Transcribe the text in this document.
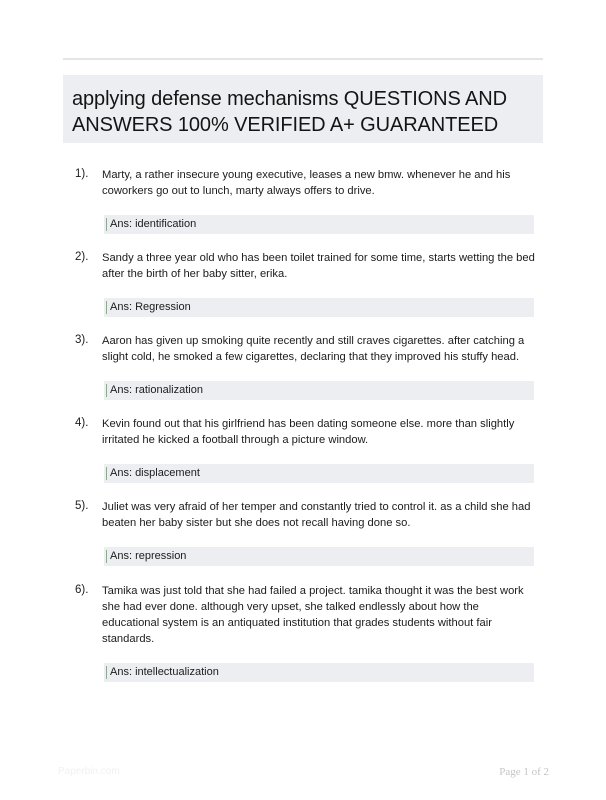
applying defense mechanisms QUESTIONS AND ANSWERS 100% VERIFIED A+ GUARANTEED
1). Marty, a rather insecure young executive, leases a new bmw. whenever he and his coworkers go out to lunch, marty always offers to drive.
Ans: identification
2). Sandy a three year old who has been toilet trained for some time, starts wetting the bed after the birth of her baby sitter, erika.
Ans: Regression
3). Aaron has given up smoking quite recently and still craves cigarettes. after catching a slight cold, he smoked a few cigarettes, declaring that they improved his stuffy head.
Ans: rationalization
4). Kevin found out that his girlfriend has been dating someone else. more than slightly irritated he kicked a football through a picture window.
Ans: displacement
5). Juliet was very afraid of her temper and constantly tried to control it. as a child she had beaten her baby sister but she does not recall having done so.
Ans: repression
6). Tamika was just told that she had failed a project. tamika thought it was the best work she had ever done. although very upset, she talked endlessly about how the educational system is an antiquated institution that grades students without fair standards.
Ans: intellectualization
Paperbin.com	Page 1 of 2
